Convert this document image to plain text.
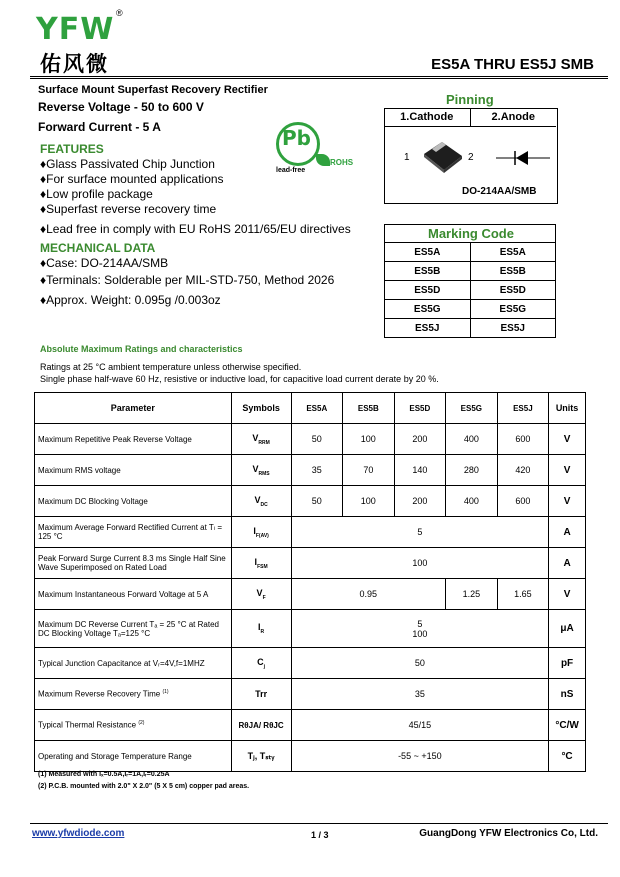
YFW ®
佑风微	ES5A THRU ES5J SMB
Surface Mount Superfast Recovery Rectifier
Reverse Voltage - 50 to 600 V
Forward Current - 5 A	Pb
lead-free
ROHS
FEATURES
♦Glass Passivated Chip Junction
♦For surface mounted applications
♦Low profile package
♦Superfast reverse recovery time
♦Lead free in comply with EU RoHS 2011/65/EU directives
MECHANICAL DATA
♦Case: DO-214AA/SMB
♦Terminals: Solderable per MIL-STD-750, Method 2026
♦Approx. Weight: 0.095g /0.003oz
Pinning
1.Cathode	2.Anode
1	2
DO-214AA/SMB
Marking Code

ES5A	ES5A
ES5B	ES5B
ES5D	ES5D
ES5G	ES5G
ES5J	ES5J
Absolute Maximum Ratings and characteristics
Ratings at 25 °C ambient temperature unless otherwise specified.
Single phase half-wave 60 Hz, resistive or inductive load, for capacitive load current derate by 20 %.
Parameter	Symbols	ES5A	ES5B	ES5D	ES5G	ES5J	Units
Maximum Repetitive Peak Reverse Voltage	$V_{RRM}$	50	100	200	400	600	V
Maximum RMS voltage	$V_{RMS}$	35	70	140	280	420	V
Maximum DC Blocking Voltage	$V_{DC}$	50	100	200	400	600	V
Maximum Average Forward Rectified Current at Tₗ = 125 °C	$I_{F(AV)}$	5					A
Peak Forward Surge Current 8.3 ms Single Half Sine Wave Superimposed on Rated Load	$I_{FSM}$	100					A
Maximum Instantaneous Forward Voltage at 5 A	$V_F$	0.95			1.25	1.65	V
Maximum DC Reverse Current Tₐ = 25 °C at Rated DC Blocking Voltage Tₐ=125 °C	$I_R$	5
100					μA
Typical Junction Capacitance at Vᵣ=4V,f=1MHZ	$C_j$	50					pF
Maximum Reverse Recovery Time $^{(1)}$	Trr	35					nS
Typical Thermal Resistance $^{(2)}$	RθJA/ RθJC	45/15					°C/W
Operating and Storage Temperature Range	Tⱼ, Tₛₜᵧ	-55 ~ +150					°C
(1) Measured with Iₓ=0.5A,Iᵣ=1A,Iᵣ=0.25A
(2) P.C.B. mounted with 2.0" X 2.0" (5 X 5 cm) copper pad areas.
www.yfwdiode.com	1 / 3	GuangDong YFW Electronics Co, Ltd.
